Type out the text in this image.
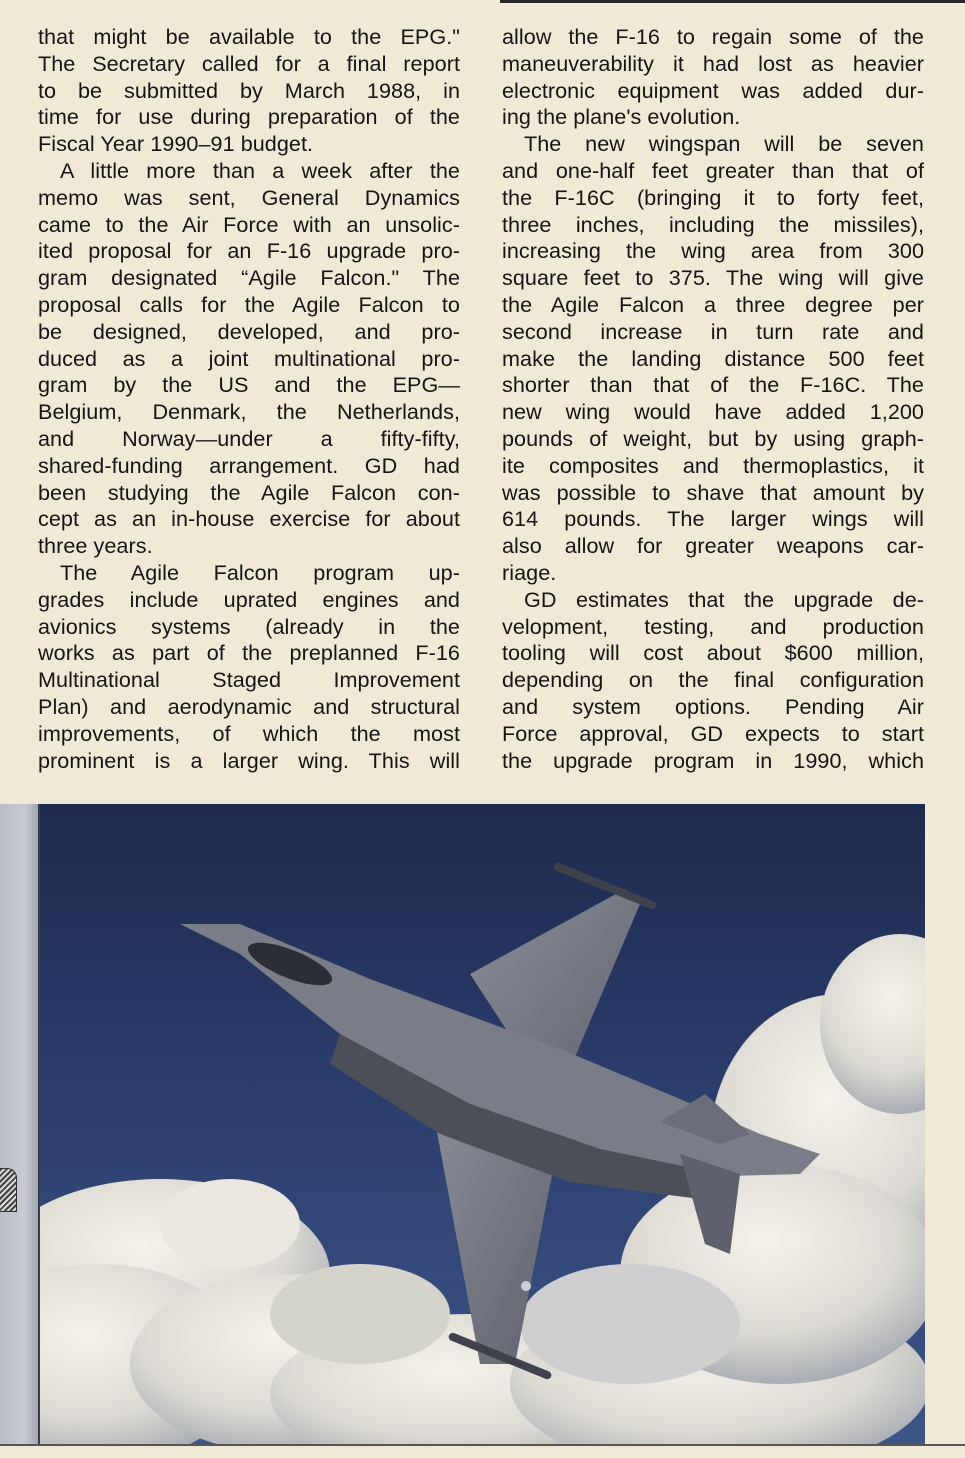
that might be available to the EPG."
The Secretary called for a final report
to be submitted by March 1988, in
time for use during preparation of the
Fiscal Year 1990–91 budget.
A little more than a week after the
memo was sent, General Dynamics
came to the Air Force with an unsolic-
ited proposal for an F-16 upgrade pro-
gram designated “Agile Falcon." The
proposal calls for the Agile Falcon to
be designed, developed, and pro-
duced as a joint multinational pro-
gram by the US and the EPG—
Belgium, Denmark, the Netherlands,
and Norway—under a fifty-fifty,
shared-funding arrangement. GD had
been studying the Agile Falcon con-
cept as an in-house exercise for about
three years.
The Agile Falcon program up-
grades include uprated engines and
avionics systems (already in the
works as part of the preplanned F-16
Multinational Staged Improvement
Plan) and aerodynamic and structural
improvements, of which the most
prominent is a larger wing. This will
allow the F-16 to regain some of the
maneuverability it had lost as heavier
electronic equipment was added dur-
ing the plane's evolution.
The new wingspan will be seven
and one-half feet greater than that of
the F-16C (bringing it to forty feet,
three inches, including the missiles),
increasing the wing area from 300
square feet to 375. The wing will give
the Agile Falcon a three degree per
second increase in turn rate and
make the landing distance 500 feet
shorter than that of the F-16C. The
new wing would have added 1,200
pounds of weight, but by using graph-
ite composites and thermoplastics, it
was possible to shave that amount by
614 pounds. The larger wings will
also allow for greater weapons car-
riage.
GD estimates that the upgrade de-
velopment, testing, and production
tooling will cost about $600 million,
depending on the final configuration
and system options. Pending Air
Force approval, GD expects to start
the upgrade program in 1990, which
